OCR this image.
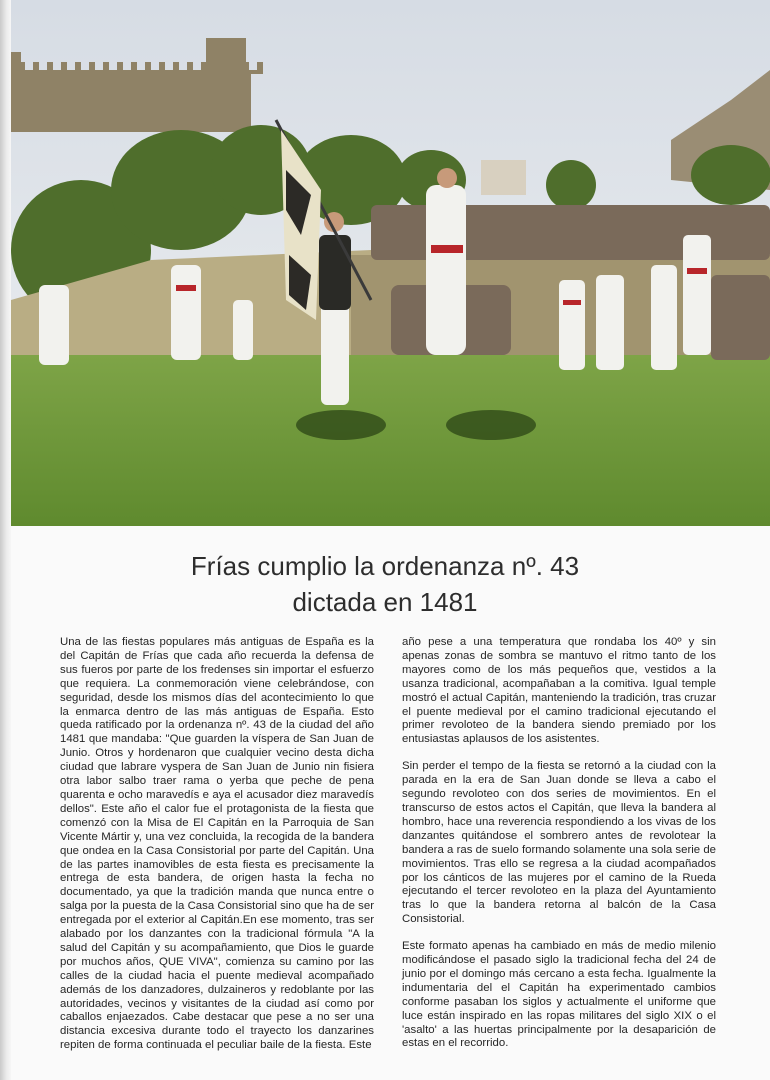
Frías cumplio la ordenanza nº. 43
dictada en 1481

Una de las fiestas populares más antiguas de España es la del Capitán de Frías que cada año recuerda la defensa de sus fueros por parte de los fredenses sin importar el esfuerzo que requiera. La conmemoración viene celebrándose, con seguridad, desde los mismos días del acontecimiento lo que la enmarca dentro de las más antiguas de España. Esto queda ratificado por la ordenanza nº. 43 de la ciudad del año 1481 que mandaba: "Que guarden la víspera de San Juan de Junio. Otros y hordenaron que cualquier vecino desta dicha ciudad que labrare vyspera de San Juan de Junio nin fisiera otra labor salbo traer rama o yerba que peche de pena quarenta e ocho maravedís e aya el acusador diez maravedís dellos". Este año el calor fue el protagonista de la fiesta que comenzó con la Misa de El Capitán en la Parroquia de San Vicente Mártir y, una vez concluida, la recogida de la bandera que ondea en la Casa Consistorial por parte del Capitán. Una de las partes inamovibles de esta fiesta es precisamente la entrega de esta bandera, de origen hasta la fecha no documentado, ya que la tradición manda que nunca entre o salga por la puesta de la Casa Consistorial sino que ha de ser entregada por el exterior al Capitán.En ese momento, tras ser alabado por los danzantes con la tradicional fórmula "A la salud del Capitán y su acompañamiento, que Dios le guarde por muchos años, QUE VIVA", comienza su camino por las calles de la ciudad hacia el puente medieval acompañado además de los danzadores, dulzaineros y redoblante por las autoridades, vecinos y visitantes de la ciudad así como por caballos enjaezados. Cabe destacar que pese a no ser una distancia excesiva durante todo el trayecto los danzarines repiten de forma continuada el peculiar baile de la fiesta. Este

año pese a una temperatura que rondaba los 40º y sin apenas zonas de sombra se mantuvo el ritmo tanto de los mayores como de los más pequeños que, vestidos a la usanza tradicional, acompañaban a la comitiva. Igual temple mostró el actual Capitán, manteniendo la tradición, tras cruzar el puente medieval por el camino tradicional ejecutando el primer revoloteo de la bandera siendo premiado por los entusiastas aplausos de los asistentes.

Sin perder el tempo de la fiesta se retornó a la ciudad con la parada en la era de San Juan donde se lleva a cabo el segundo revoloteo con dos series de movimientos. En el transcurso de estos actos el Capitán, que lleva la bandera al hombro, hace una reverencia respondiendo a los vivas de los danzantes quitándose el sombrero antes de revolotear la bandera a ras de suelo formando solamente una sola serie de movimientos. Tras ello se regresa a la ciudad acompañados por los cánticos de las mujeres por el camino de la Rueda ejecutando el tercer revoloteo en la plaza del Ayuntamiento tras lo que la bandera retorna al balcón de la Casa Consistorial.

Este formato apenas ha cambiado en más de medio milenio modificándose el pasado siglo la tradicional fecha del 24 de junio por el domingo más cercano a esta fecha. Igualmente la indumentaria del el Capitán ha experimentado cambios conforme pasaban los siglos y actualmente el uniforme que luce están inspirado en las ropas militares del siglo XIX o el 'asalto' a las huertas principalmente por la desaparición de estas en el recorrido.
